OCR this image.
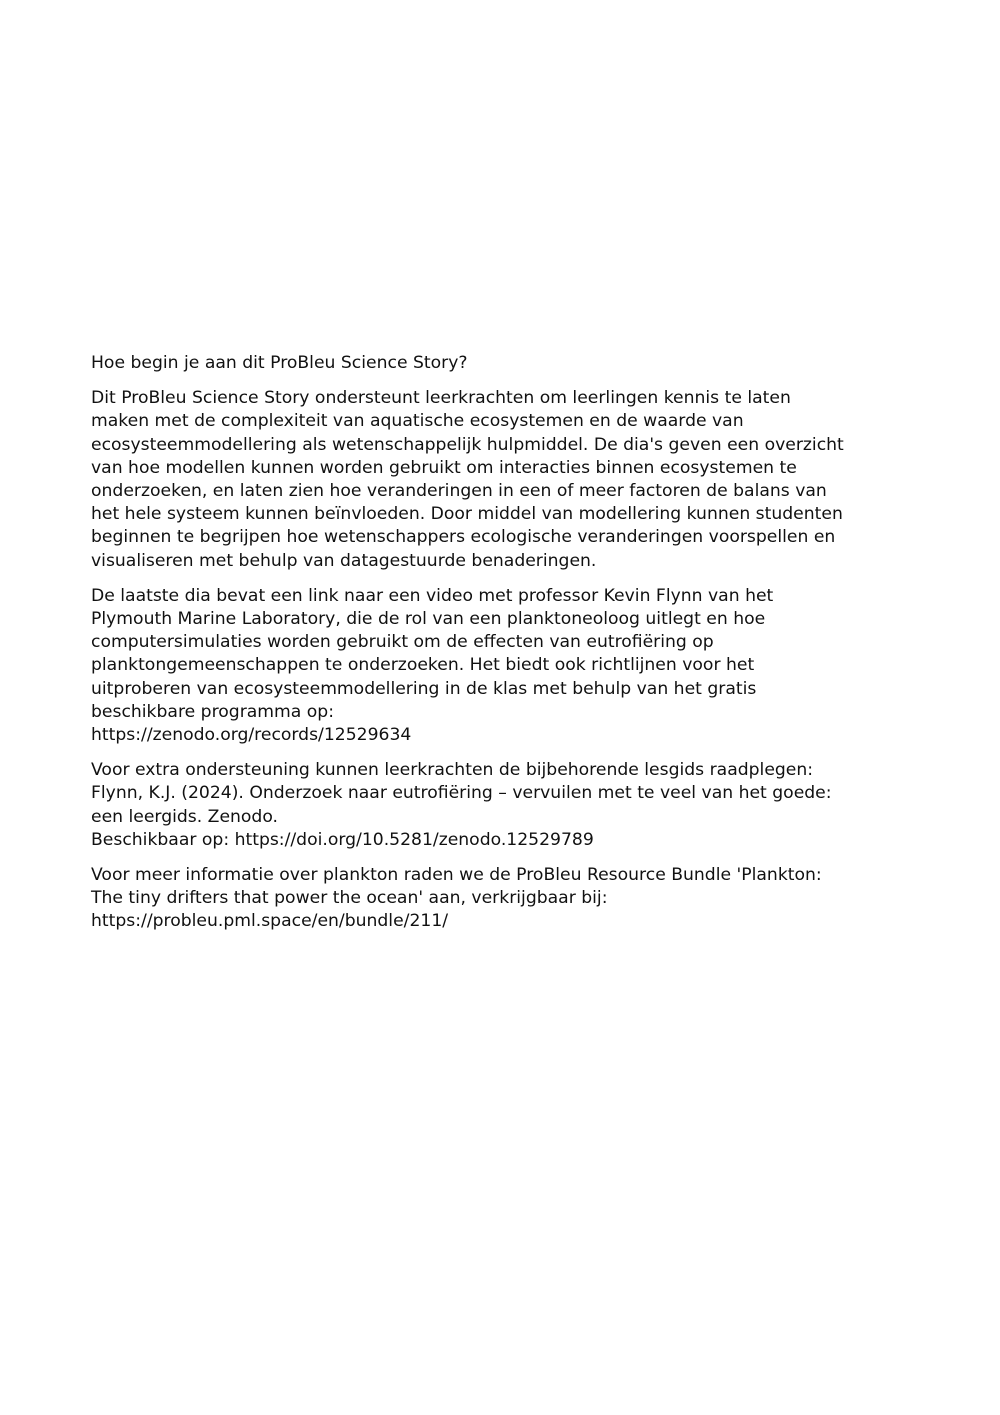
Hoe begin je aan dit ProBleu Science Story?
Dit ProBleu Science Story ondersteunt leerkrachten om leerlingen kennis te laten
maken met de complexiteit van aquatische ecosystemen en de waarde van
ecosysteemmodellering als wetenschappelijk hulpmiddel. De dia's geven een overzicht
van hoe modellen kunnen worden gebruikt om interacties binnen ecosystemen te
onderzoeken, en laten zien hoe veranderingen in een of meer factoren de balans van
het hele systeem kunnen beïnvloeden. Door middel van modellering kunnen studenten
beginnen te begrijpen hoe wetenschappers ecologische veranderingen voorspellen en
visualiseren met behulp van datagestuurde benaderingen.
De laatste dia bevat een link naar een video met professor Kevin Flynn van het
Plymouth Marine Laboratory, die de rol van een planktoneoloog uitlegt en hoe
computersimulaties worden gebruikt om de effecten van eutrofiëring op
planktongemeenschappen te onderzoeken. Het biedt ook richtlijnen voor het
uitproberen van ecosysteemmodellering in de klas met behulp van het gratis
beschikbare programma op:
https://zenodo.org/records/12529634
Voor extra ondersteuning kunnen leerkrachten de bijbehorende lesgids raadplegen:
Flynn, K.J. (2024). Onderzoek naar eutrofiëring – vervuilen met te veel van het goede:
een leergids. Zenodo.
Beschikbaar op: https://doi.org/10.5281/zenodo.12529789
Voor meer informatie over plankton raden we de ProBleu Resource Bundle 'Plankton:
The tiny drifters that power the ocean' aan, verkrijgbaar bij:
https://probleu.pml.space/en/bundle/211/
